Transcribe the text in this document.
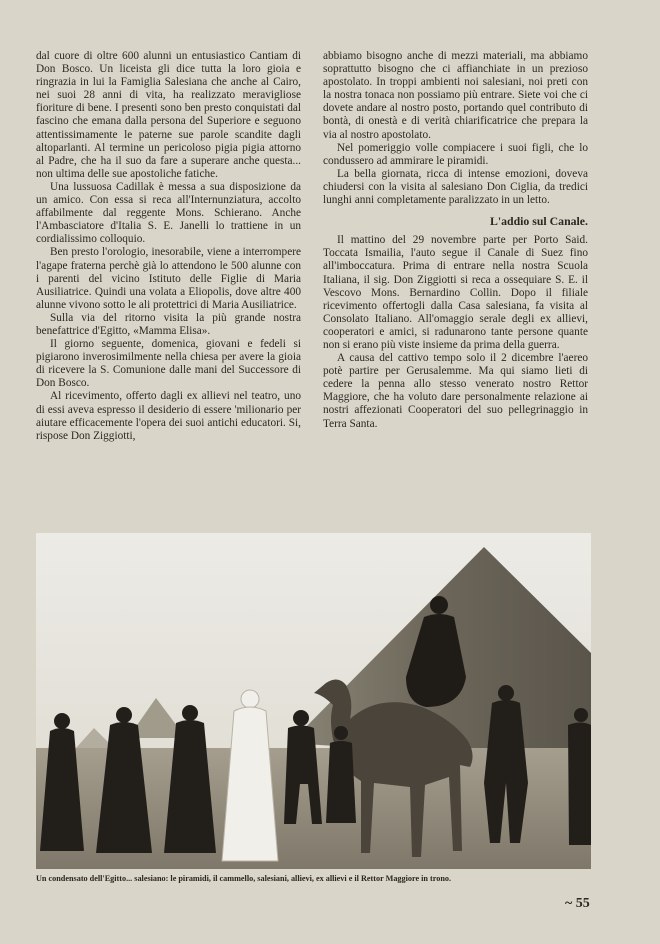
dal cuore di oltre 600 alunni un entusiastico Cantiam di Don Bosco. Un liceista gli dice tutta la loro gioia e ringrazia in lui la Famiglia Salesiana che anche al Cairo, nei suoi 28 anni di vita, ha realizzato meravigliose fioriture di bene. I presenti sono ben presto conquistati dal fascino che emana dalla persona del Superiore e seguono attentissimamente le paterne sue parole scandite dagli altoparlanti. Al termine un pericoloso pigia pigia attorno al Padre, che ha il suo da fare a superare anche questa... non ultima delle sue apostoliche fatiche.

Una lussuosa Cadillak è messa a sua disposizione da un amico. Con essa si reca all'Internunziatura, accolto affabilmente dal reggente Mons. Schierano. Anche l'Ambasciatore d'Italia S. E. Janelli lo trattiene in un cordialissimo colloquio.

Ben presto l'orologio, inesorabile, viene a interrompere l'agape fraterna perchè già lo attendono le 500 alunne con i parenti del vicino Istituto delle Figlie di Maria Ausiliatrice. Quindi una volata a Eliopolis, dove altre 400 alunne vivono sotto le ali protettrici di Maria Ausiliatrice.

Sulla via del ritorno visita la più grande nostra benefattrice d'Egitto, «Mamma Elisa».

Il giorno seguente, domenica, giovani e fedeli si pigiarono inverosimilmente nella chiesa per avere la gioia di ricevere la S. Comunione dalle mani del Successore di Don Bosco.

Al ricevimento, offerto dagli ex allievi nel teatro, uno di essi aveva espresso il desiderio di essere 'milionario per aiutare efficacemente l'opera dei suoi antichi educatori. Si, rispose Don Ziggiotti,

abbiamo bisogno anche di mezzi materiali, ma abbiamo soprattutto bisogno che ci affianchiate in un prezioso apostolato. In troppi ambienti noi salesiani, noi preti con la nostra tonaca non possiamo più entrare. Siete voi che ci dovete andare al nostro posto, portando quel contributo di bontà, di onestà e di verità chiarificatrice che prepara la via al nostro apostolato.

Nel pomeriggio volle compiacere i suoi figli, che lo condussero ad ammirare le piramidi.

La bella giornata, ricca di intense emozioni, doveva chiudersi con la visita al salesiano Don Ciglia, da tredici lunghi anni completamente paralizzato in un letto.

L'addio sul Canale.

Il mattino del 29 novembre parte per Porto Said. Toccata Ismailia, l'auto segue il Canale di Suez fino all'imboccatura. Prima di entrare nella nostra Scuola Italiana, il sig. Don Ziggiotti si reca a ossequiare S. E. il Vescovo Mons. Bernardino Collin. Dopo il filiale ricevimento offertogli dalla Casa salesiana, fa visita al Consolato Italiano. All'omaggio serale degli ex allievi, cooperatori e amici, si radunarono tante persone quante non si erano più viste insieme da prima della guerra.

A causa del cattivo tempo solo il 2 dicembre l'aereo potè partire per Gerusalemme. Ma qui siamo lieti di cedere la penna allo stesso venerato nostro Rettor Maggiore, che ha voluto dare personalmente relazione ai nostri affezionati Cooperatori del suo pellegrinaggio in Terra Santa.

Un condensato dell'Egitto... salesiano: le piramidi, il cammello, salesiani, allievi, ex allievi e il Rettor Maggiore in trono.
~ 55
